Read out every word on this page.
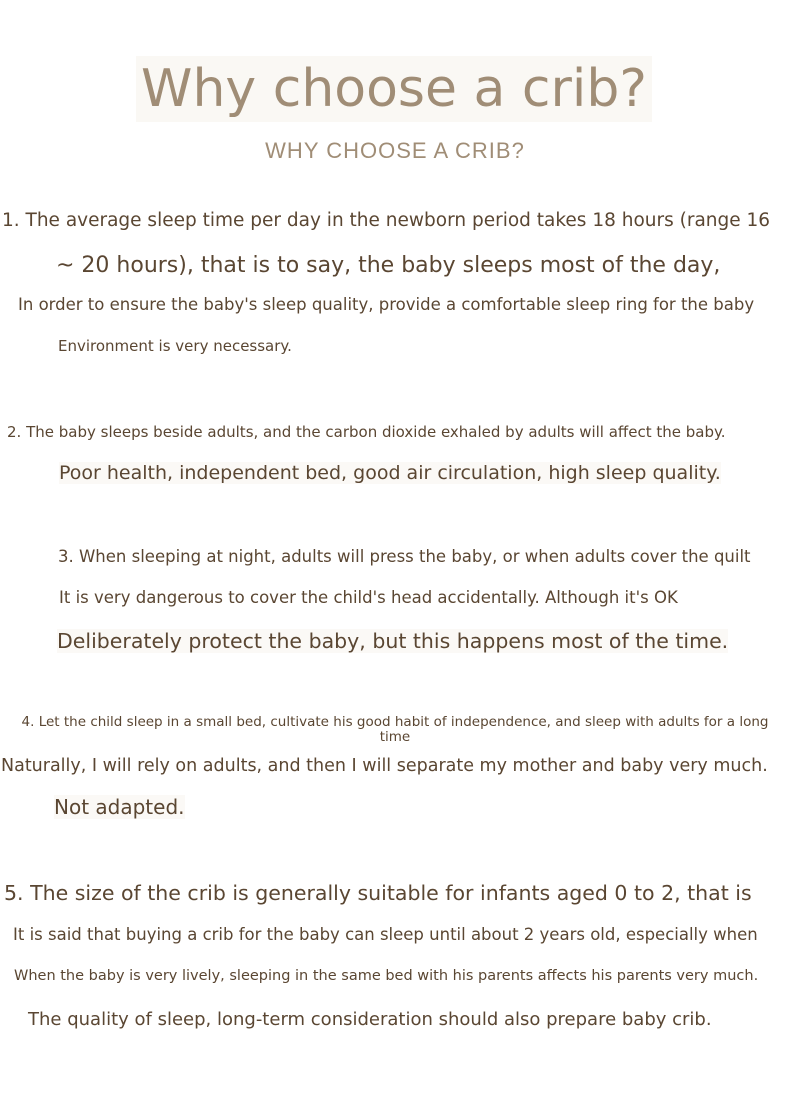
Why choose a crib?
WHY CHOOSE A CRIB?

1. The average sleep time per day in the newborn period takes 18 hours (range 16

~ 20 hours), that is to say, the baby sleeps most of the day,

In order to ensure the baby's sleep quality, provide a comfortable sleep ring for the baby

Environment is very necessary.

2. The baby sleeps beside adults, and the carbon dioxide exhaled by adults will affect the baby.

Poor health, independent bed, good air circulation, high sleep quality.

3. When sleeping at night, adults will press the baby, or when adults cover the quilt

It is very dangerous to cover the child's head accidentally. Although it's OK

Deliberately protect the baby, but this happens most of the time.

4. Let the child sleep in a small bed, cultivate his good habit of independence, and sleep with adults for a long time

Naturally, I will rely on adults, and then I will separate my mother and baby very much.

Not adapted.

5. The size of the crib is generally suitable for infants aged 0 to 2, that is

It is said that buying a crib for the baby can sleep until about 2 years old, especially when

When the baby is very lively, sleeping in the same bed with his parents affects his parents very much.

The quality of sleep, long-term consideration should also prepare baby crib.
